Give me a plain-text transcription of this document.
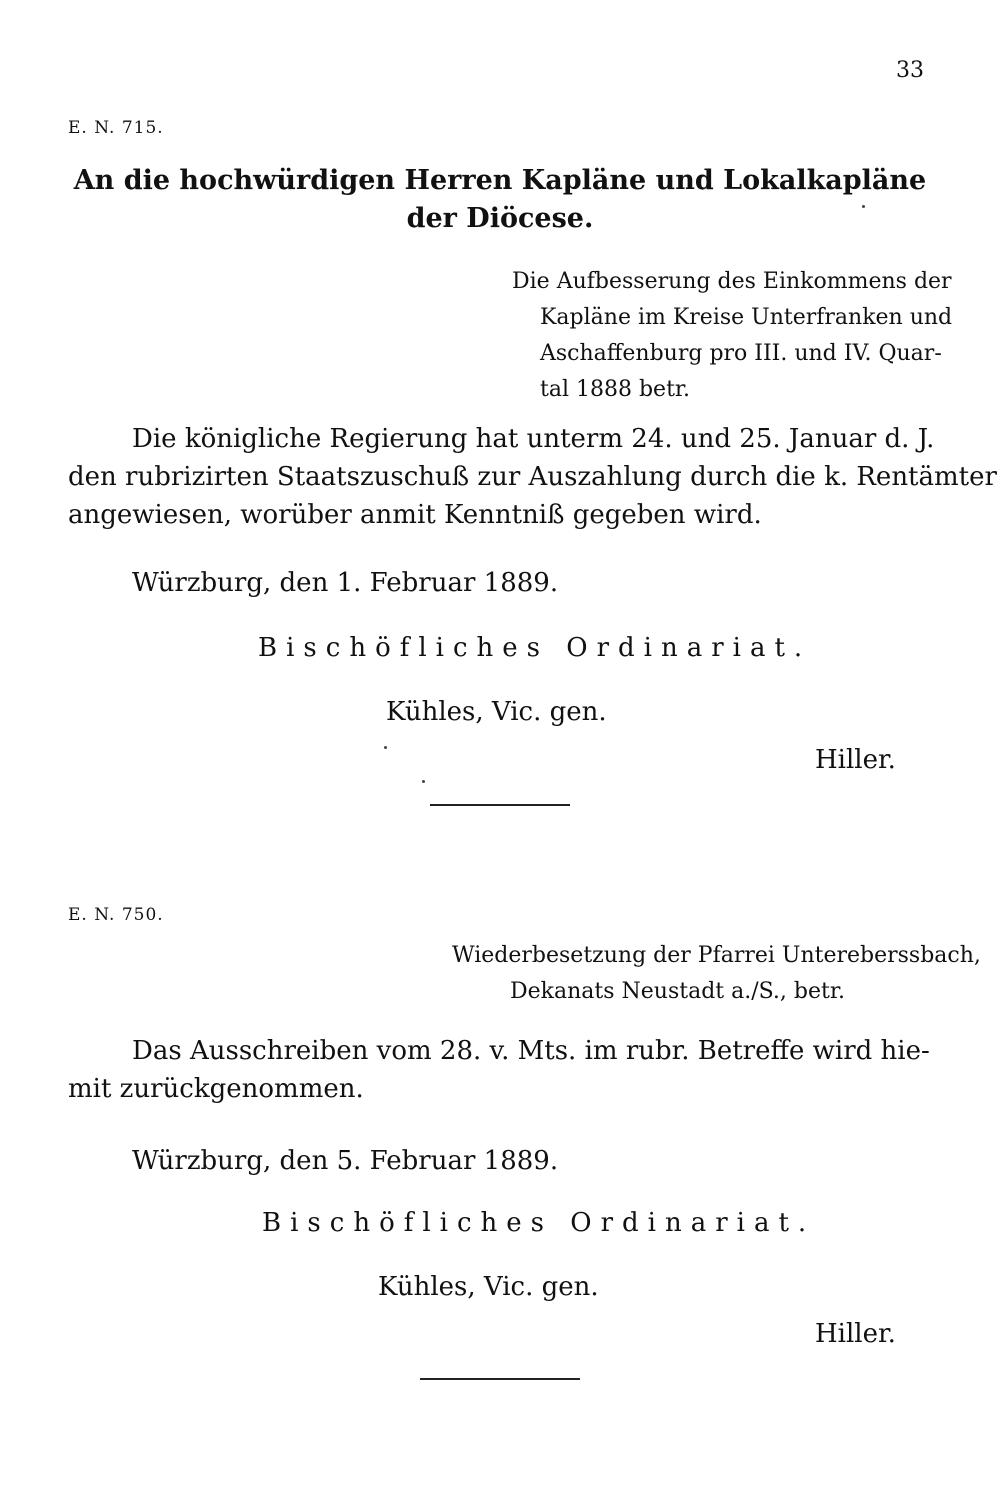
33
E. N. 715.
An die hochwürdigen Herren Kapläne und Lokalkapläne
der Diöcese.
Die Aufbesserung des Einkommens der
Kapläne im Kreise Unterfranken und
Aschaffenburg pro III. und IV. Quar-
tal 1888 betr.
Die königliche Regierung hat unterm 24. und 25. Januar d. J.
den rubrizirten Staatszuschuß zur Auszahlung durch die k. Rentämter
angewiesen, worüber anmit Kenntniß gegeben wird.
Würzburg, den 1. Februar 1889.
Bischöfliches Ordinariat.
Kühles, Vic. gen.
Hiller.
E. N. 750.
Wiederbesetzung der Pfarrei Untereberssbach,
Dekanats Neustadt a./S., betr.
Das Ausschreiben vom 28. v. Mts. im rubr. Betreffe wird hie-
mit zurückgenommen.
Würzburg, den 5. Februar 1889.
Bischöfliches Ordinariat.
Kühles, Vic. gen.
Hiller.
